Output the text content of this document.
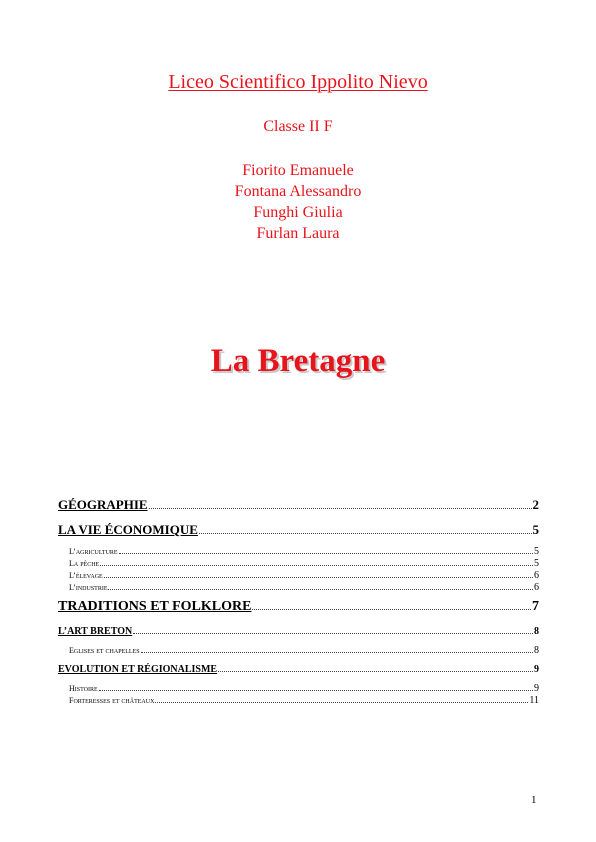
Liceo Scientifico Ippolito Nievo
Classe II F
Fiorito Emanuele
Fontana Alessandro
Funghi Giulia
Furlan Laura
La Bretagne
GÉOGRAPHIE	2
LA VIE ÉCONOMIQUE	5
L’agriculture	5
La pêche	5
L’élevage	6
L’industrie	6
TRADITIONS ET FOLKLORE	7
L’ART BRETON	8
Eglises et chapelles	8
EVOLUTION ET RÉGIONALISME	9
Histoire	9
Forteresses et châteaux	11
1
